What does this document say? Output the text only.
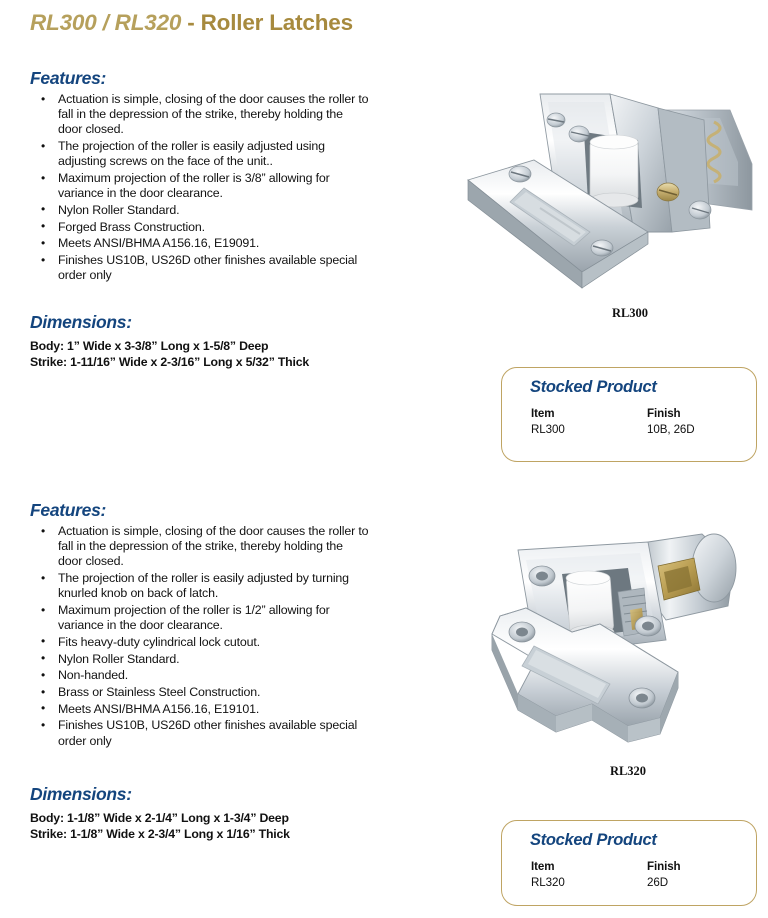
RL300 / RL320 - Roller Latches
Features:
• Actuation is simple, closing of the door causes the roller to fall in the depression of the strike, thereby holding the door closed.
• The projection of the roller is easily adjusted using adjusting screws on the face of the unit..
• Maximum projection of the roller is 3/8” allowing for variance in the door clearance.
• Nylon Roller Standard.
• Forged Brass Construction.
• Meets ANSI/BHMA A156.16, E19091.
• Finishes US10B, US26D other finishes available special order only
Dimensions:
Body: 1” Wide x 3-3/8” Long x 1-5/8” Deep
Strike: 1-11/16” Wide x 2-3/16” Long x 5/32” Thick
RL300
Stocked Product
Item	Finish
RL300	10B, 26D
Features:
• Actuation is simple, closing of the door causes the roller to fall in the depression of the strike, thereby holding the door closed.
• The projection of the roller is easily adjusted by turning knurled knob on back of latch.
• Maximum projection of the roller is 1/2” allowing for variance in the door clearance.
• Fits heavy-duty cylindrical lock cutout.
• Nylon Roller Standard.
• Non-handed.
• Brass or Stainless Steel Construction.
• Meets ANSI/BHMA A156.16, E19101.
• Finishes US10B, US26D other finishes available special order only
Dimensions:
Body: 1-1/8” Wide x 2-1/4” Long x 1-3/4” Deep
Strike: 1-1/8” Wide x 2-3/4” Long x 1/16” Thick
RL320
Stocked Product
Item	Finish
RL320	26D
